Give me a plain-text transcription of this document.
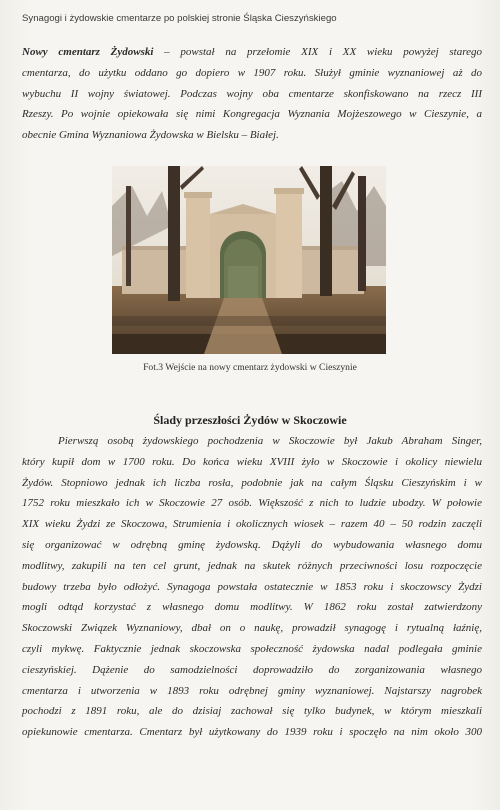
Synagogi i żydowskie cmentarze po polskiej stronie Śląska Cieszyńskiego
Nowy cmentarz Żydowski – powstał na przełomie XIX i XX wieku powyżej starego
cmentarza, do użytku oddano go dopiero w 1907 roku. Służył gminie wyznaniowej aż do
wybuchu II wojny światowej. Podczas wojny oba cmentarze skonfiskowano na rzecz III
Rzeszy. Po wojnie opiekowała się nimi Kongregacja Wyznania Mojżeszowego w Cieszynie, a
obecnie Gmina Wyznaniowa Żydowska w Bielsku – Białej.
Fot.3 Wejście na nowy cmentarz żydowski w Cieszynie
Ślady przeszłości Żydów w Skoczowie
Pierwszą osobą żydowskiego pochodzenia w Skoczowie był Jakub Abraham Singer,
który kupił dom w 1700 roku. Do końca wieku XVIII żyło w Skoczowie i okolicy niewielu
Żydów. Stopniowo jednak ich liczba rosła, podobnie jak na całym Śląsku Cieszyńskim i w
1752 roku mieszkało ich w Skoczowie 27 osób. Większość z nich to ludzie ubodzy. W połowie
XIX wieku Żydzi ze Skoczowa, Strumienia i okolicznych wiosek – razem 40 – 50 rodzin zaczęli
się organizować w odrębną gminę żydowską. Dążyli do wybudowania własnego domu
modlitwy, zakupili na ten cel grunt, jednak na skutek różnych przeciwności losu rozpoczęcie
budowy trzeba było odłożyć. Synagoga powstała ostatecznie w 1853 roku i skoczowscy Żydzi
mogli odtąd korzystać z własnego domu modlitwy. W 1862 roku został zatwierdzony
Skoczowski Związek Wyznaniowy, dbał on o naukę, prowadził synagogę i rytualną łaźnię,
czyli mykwę. Faktycznie jednak skoczowska społeczność żydowska nadal podlegała gminie
cieszyńskiej. Dążenie do samodzielności doprowadziło do zorganizowania własnego
cmentarza i utworzenia w 1893 roku odrębnej gminy wyznaniowej. Najstarszy nagrobek
pochodzi z 1891 roku, ale do dzisiaj zachował się tylko budynek, w którym mieszkali
opiekunowie cmentarza. Cmentarz był użytkowany do 1939 roku i spoczęło na nim około 300
